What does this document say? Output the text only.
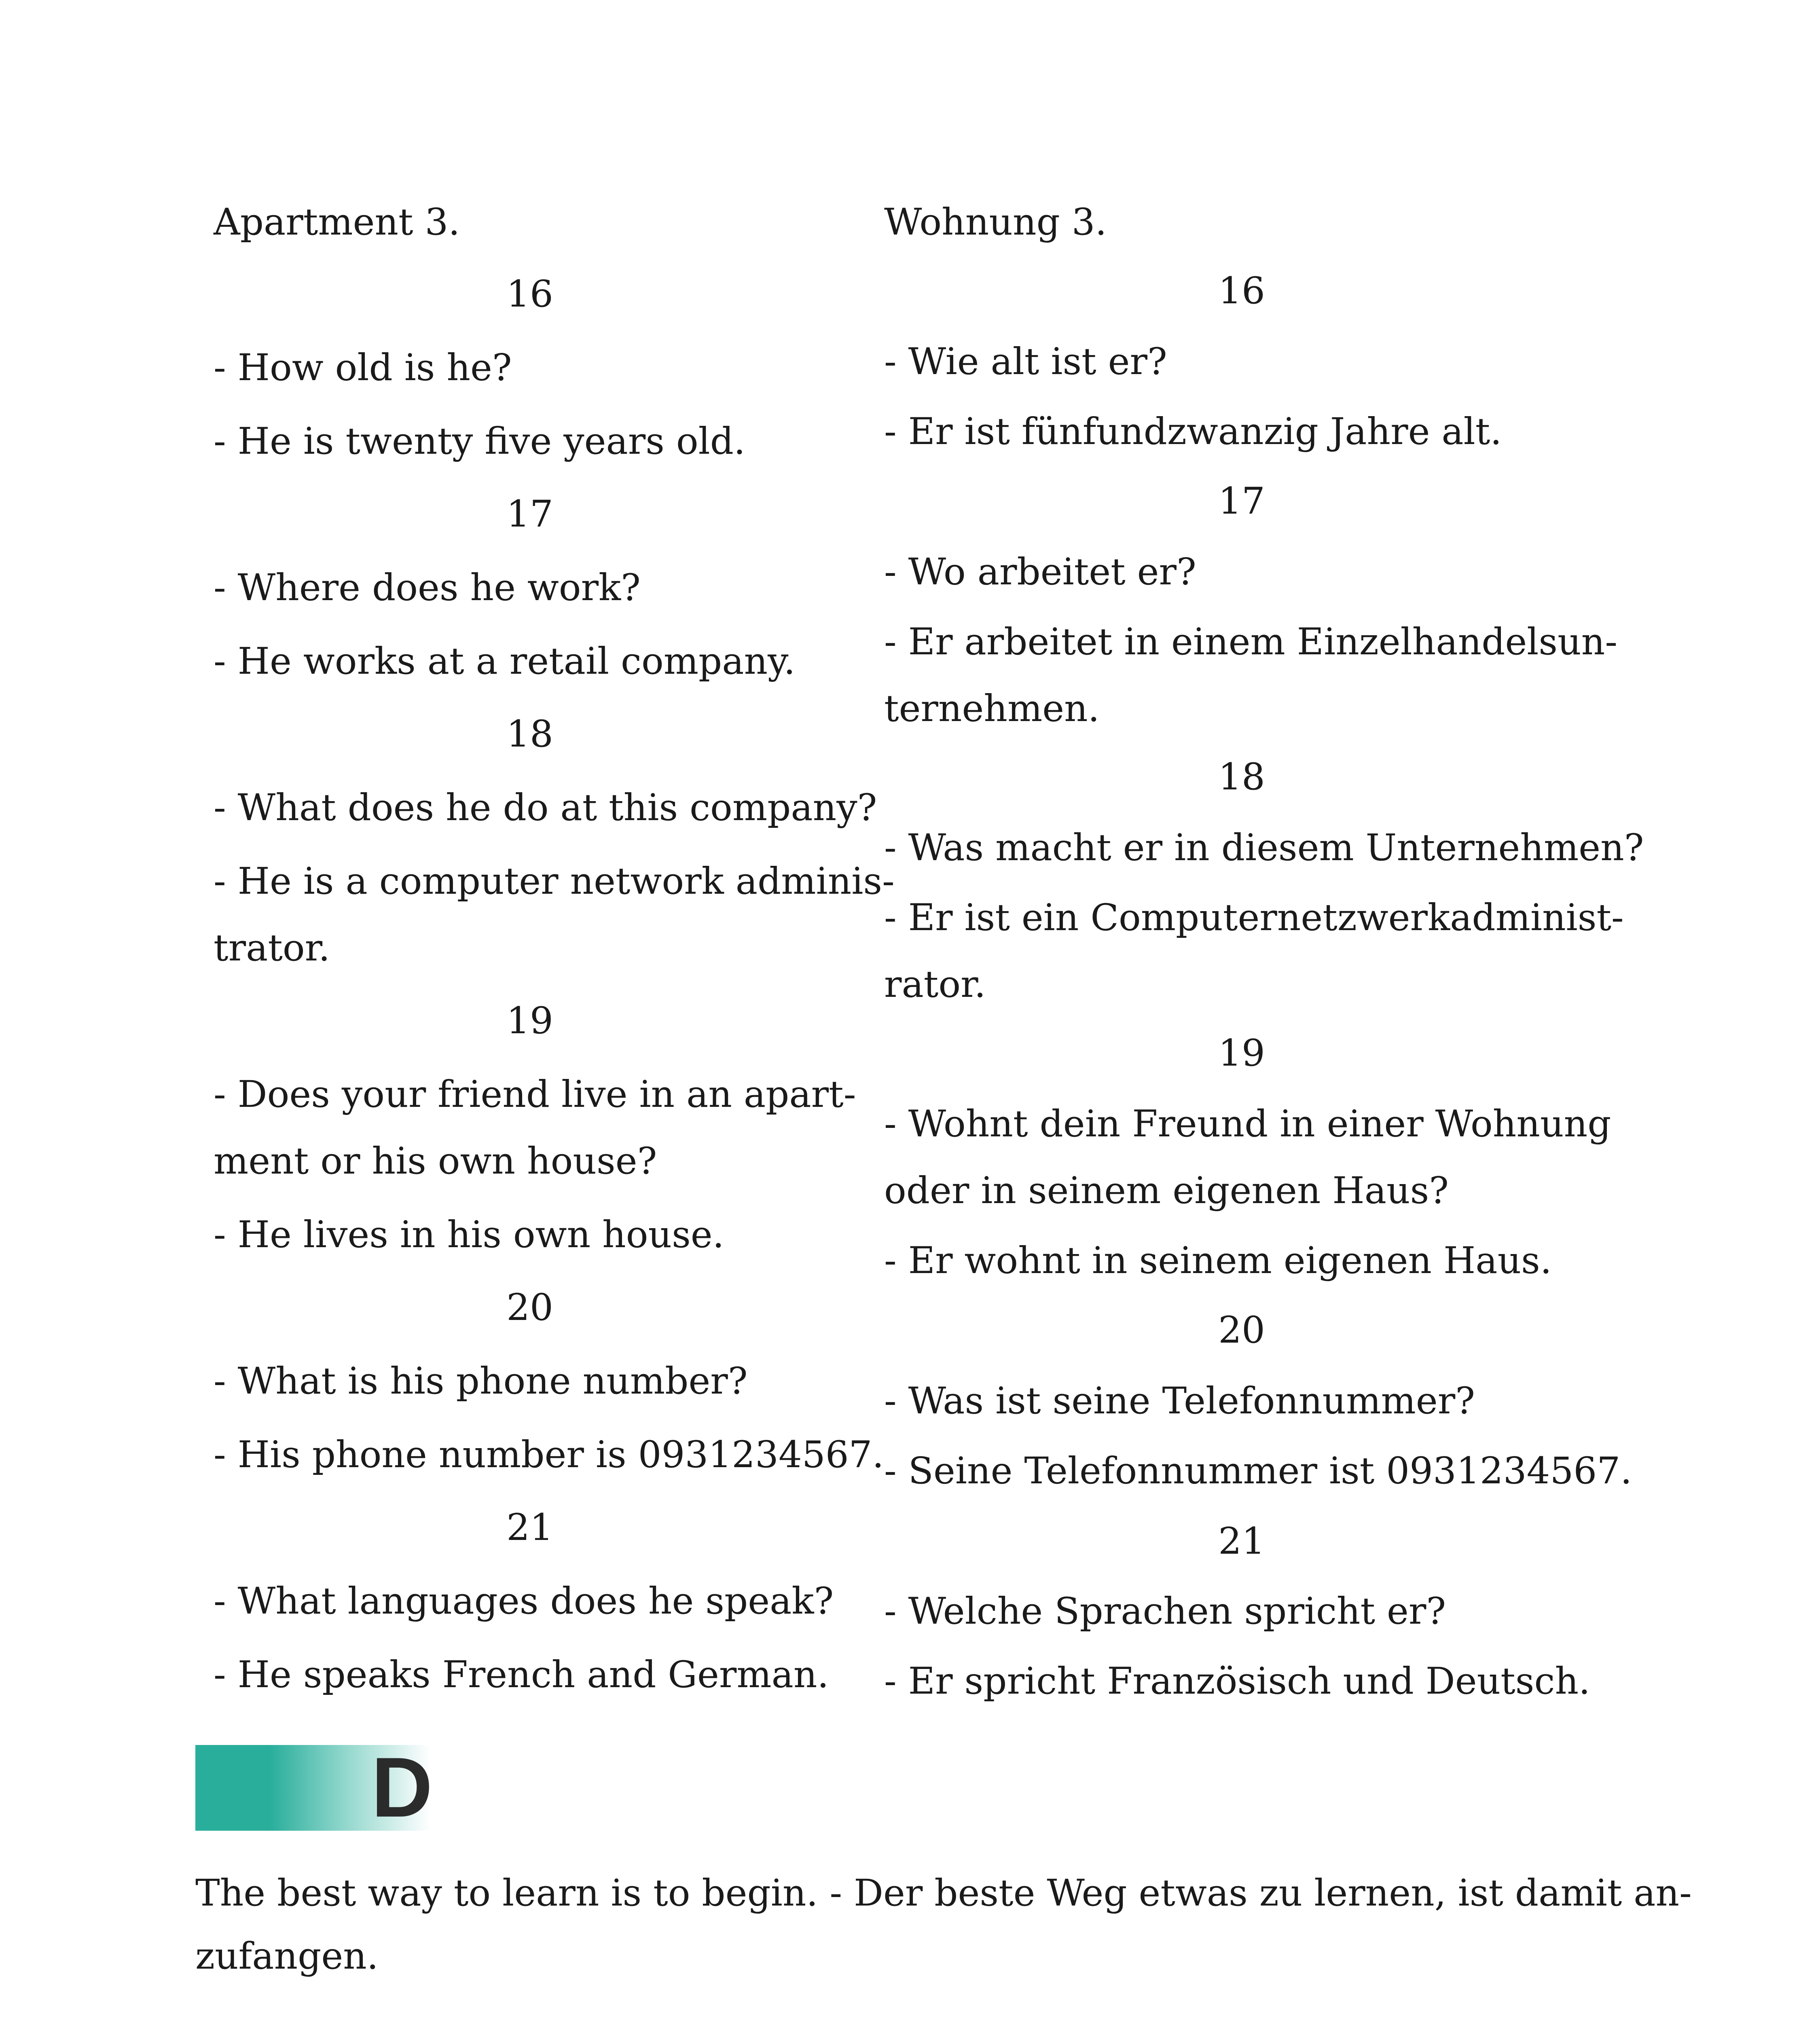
Apartment 3.
16
- How old is he?
- He is twenty five years old.
17
- Where does he work?
- He works at a retail company.
18
- What does he do at this company?
- He is a computer network adminis-
trator.
19
- Does your friend live in an apart-
ment or his own house?
- He lives in his own house.
20
- What is his phone number?
- His phone number is 0931234567.
21
- What languages does he speak?
- He speaks French and German.
Wohnung 3.
16
- Wie alt ist er?
- Er ist fünfundzwanzig Jahre alt.
17
- Wo arbeitet er?
- Er arbeitet in einem Einzelhandelsun-
ternehmen.
18
- Was macht er in diesem Unternehmen?
- Er ist ein Computernetzwerkadminist-
rator.
19
- Wohnt dein Freund in einer Wohnung
oder in seinem eigenen Haus?
- Er wohnt in seinem eigenen Haus.
20
- Was ist seine Telefonnummer?
- Seine Telefonnummer ist 0931234567.
21
- Welche Sprachen spricht er?
- Er spricht Französisch und Deutsch.
D
The best way to learn is to begin. - Der beste Weg etwas zu lernen, ist damit an-
zufangen.
